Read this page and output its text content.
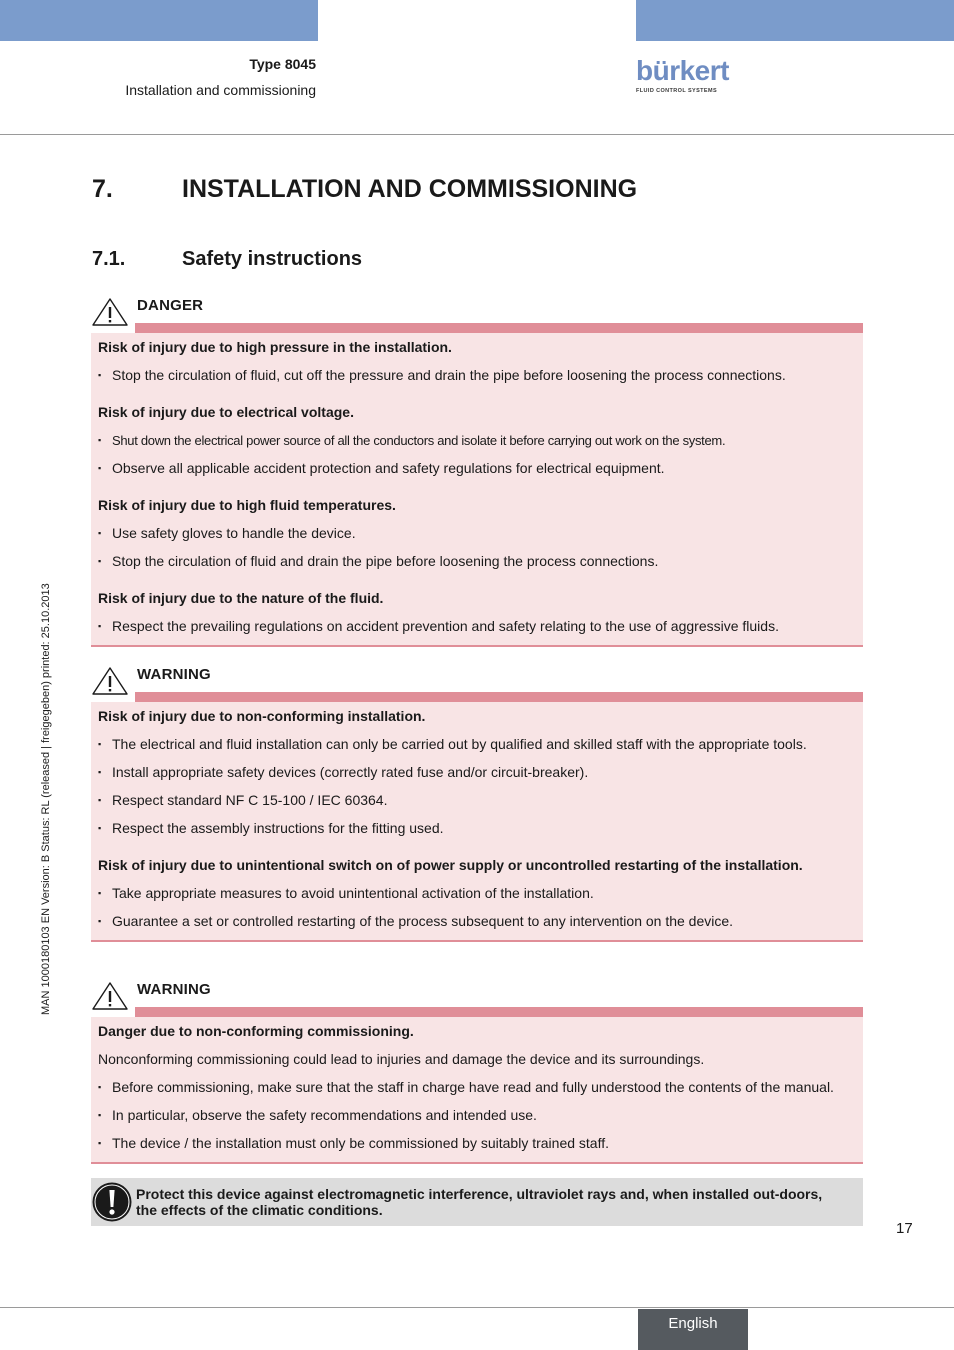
Type 8045
Installation and commissioning
bürkert
FLUID CONTROL SYSTEMS
7.	INSTALLATION AND COMMISSIONING
7.1.	Safety instructions
MAN 1000180103 EN Version: B Status: RL (released | freigegeben) printed: 25.10.2013
DANGER
Risk of injury due to high pressure in the installation.
▪ Stop the circulation of fluid, cut off the pressure and drain the pipe before loosening the process connections.
Risk of injury due to electrical voltage.
▪ Shut down the electrical power source of all the conductors and isolate it before carrying out work on the system.
▪ Observe all applicable accident protection and safety regulations for electrical equipment.
Risk of injury due to high fluid temperatures.
▪ Use safety gloves to handle the device.
▪ Stop the circulation of fluid and drain the pipe before loosening the process connections.
Risk of injury due to the nature of the fluid.
▪ Respect the prevailing regulations on accident prevention and safety relating to the use of aggressive fluids.
WARNING
Risk of injury due to non-conforming installation.
▪ The electrical and fluid installation can only be carried out by qualified and skilled staff with the appropriate tools.
▪ Install appropriate safety devices (correctly rated fuse and/or circuit-breaker).
▪ Respect standard NF C 15-100 / IEC 60364.
▪ Respect the assembly instructions for the fitting used.
Risk of injury due to unintentional switch on of power supply or uncontrolled restarting of the installation.
▪ Take appropriate measures to avoid unintentional activation of the installation.
▪ Guarantee a set or controlled restarting of the process subsequent to any intervention on the device.
WARNING
Danger due to non-conforming commissioning.
Nonconforming commissioning could lead to injuries and damage the device and its surroundings.
▪ Before commissioning, make sure that the staff in charge have read and fully understood the contents of the manual.
▪ In particular, observe the safety recommendations and intended use.
▪ The device / the installation must only be commissioned by suitably trained staff.
Protect this device against electromagnetic interference, ultraviolet rays and, when installed out-doors, the effects of the climatic conditions.
17
English
